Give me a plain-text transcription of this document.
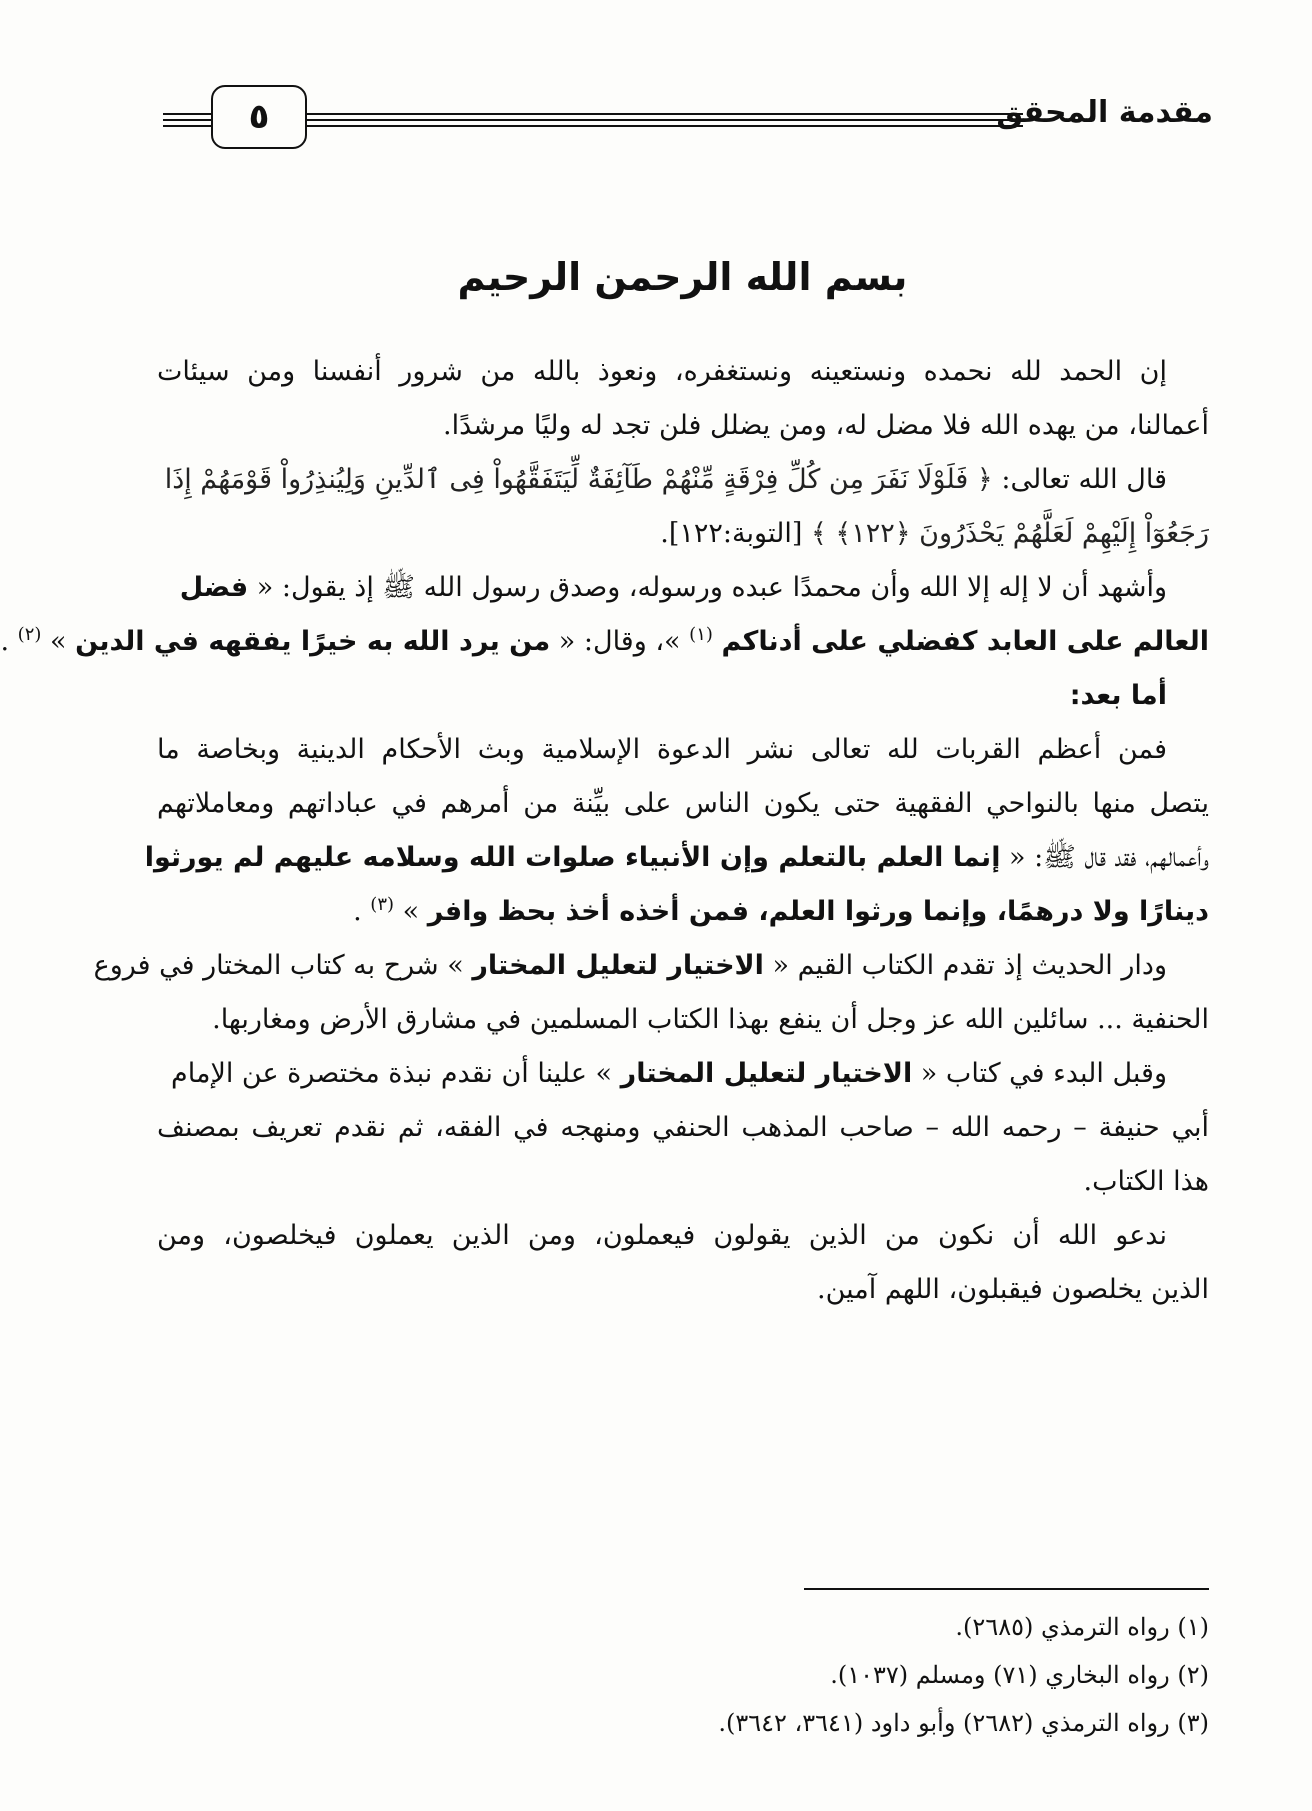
٥	مقدمة المحقق
بسم الله الرحمن الرحيم
إن الحمد لله نحمده ونستعينه ونستغفره، ونعوذ بالله من شرور أنفسنا ومن سيئات
أعمالنا، من يهده الله فلا مضل له، ومن يضلل فلن تجد له وليًا مرشدًا.
قال الله تعالى: ﴿ فَلَوْلَا نَفَرَ مِن كُلِّ فِرْقَةٍ مِّنْهُمْ طَآئِفَةٌ لِّيَتَفَقَّهُواْ فِى ٱلدِّينِ وَلِيُنذِرُواْ قَوْمَهُمْ إِذَا
رَجَعُوٓاْ إِلَيْهِمْ لَعَلَّهُمْ يَحْذَرُونَ ﴿١٢٢﴾ ﴾ [التوبة:١٢٢].
وأشهد أن لا إله إلا الله وأن محمدًا عبده ورسوله، وصدق رسول الله ﷺ إذ يقول: « فضل
العالم على العابد كفضلي على أدناكم $^{(١)}$ »، وقال: « من يرد الله به خيرًا يفقهه في الدين » $^{(٢)}$ .
أما بعد:
فمن أعظم القربات لله تعالى نشر الدعوة الإسلامية وبث الأحكام الدينية وبخاصة ما
يتصل منها بالنواحي الفقهية حتى يكون الناس على بيِّنة من أمرهم في عباداتهم ومعاملاتهم
وأعمالهم، فقد قال ﷺ: « إنما العلم بالتعلم وإن الأنبياء صلوات الله وسلامه عليهم لم يورثوا
دينارًا ولا درهمًا، وإنما ورثوا العلم، فمن أخذه أخذ بحظ وافر » $^{(٣)}$ .
ودار الحديث إذ تقدم الكتاب القيم « الاختيار لتعليل المختار » شرح به كتاب المختار في فروع
الحنفية ... سائلين الله عز وجل أن ينفع بهذا الكتاب المسلمين في مشارق الأرض ومغاربها.
وقبل البدء في كتاب « الاختيار لتعليل المختار » علينا أن نقدم نبذة مختصرة عن الإمام
أبي حنيفة – رحمه الله – صاحب المذهب الحنفي ومنهجه في الفقه، ثم نقدم تعريف بمصنف
هذا الكتاب.
ندعو الله أن نكون من الذين يقولون فيعملون، ومن الذين يعملون فيخلصون، ومن
الذين يخلصون فيقبلون، اللهم آمين.
(١) رواه الترمذي (٢٦٨٥).
(٢) رواه البخاري (٧١) ومسلم (١٠٣٧).
(٣) رواه الترمذي (٢٦٨٢) وأبو داود (٣٦٤١، ٣٦٤٢).
